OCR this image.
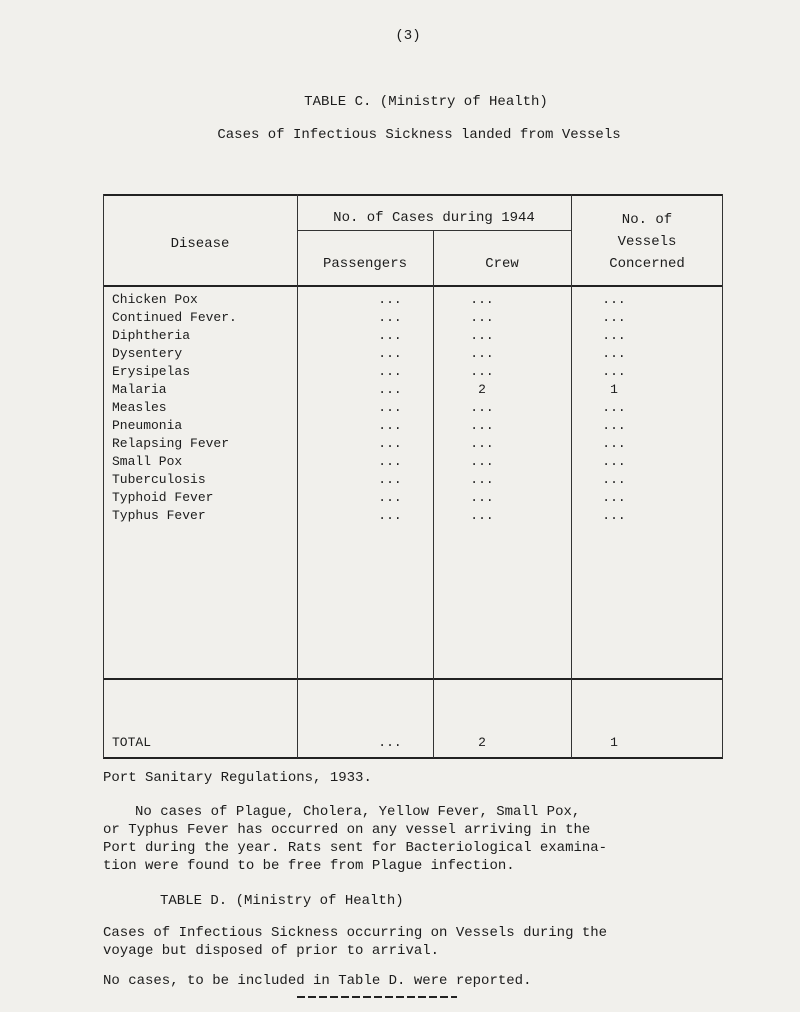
(3)
TABLE C. (Ministry of Health)
Cases of Infectious Sickness landed from Vessels
Disease
No. of Cases during 1944
Passengers	Crew
No. of
Vessels
Concerned
Chicken Pox	...	...	...
Continued Fever.	...	...	...
Diphtheria	...	...	...
Dysentery	...	...	...
Erysipelas	...	...	...
Malaria	...	2	1
Measles	...	...	...
Pneumonia	...	...	...
Relapsing Fever	...	...	...
Small Pox	...	...	...
Tuberculosis	...	...	...
Typhoid Fever	...	...	...
Typhus Fever	...	...	...
TOTAL	...	2	1
Port Sanitary Regulations, 1933.
No cases of Plague, Cholera, Yellow Fever, Small Pox,
or Typhus Fever has occurred on any vessel arriving in the
Port during the year. Rats sent for Bacteriological examina-
tion were found to be free from Plague infection.
TABLE D. (Ministry of Health)
Cases of Infectious Sickness occurring on Vessels during the
voyage but disposed of prior to arrival.
No cases, to be included in Table D. were reported.
